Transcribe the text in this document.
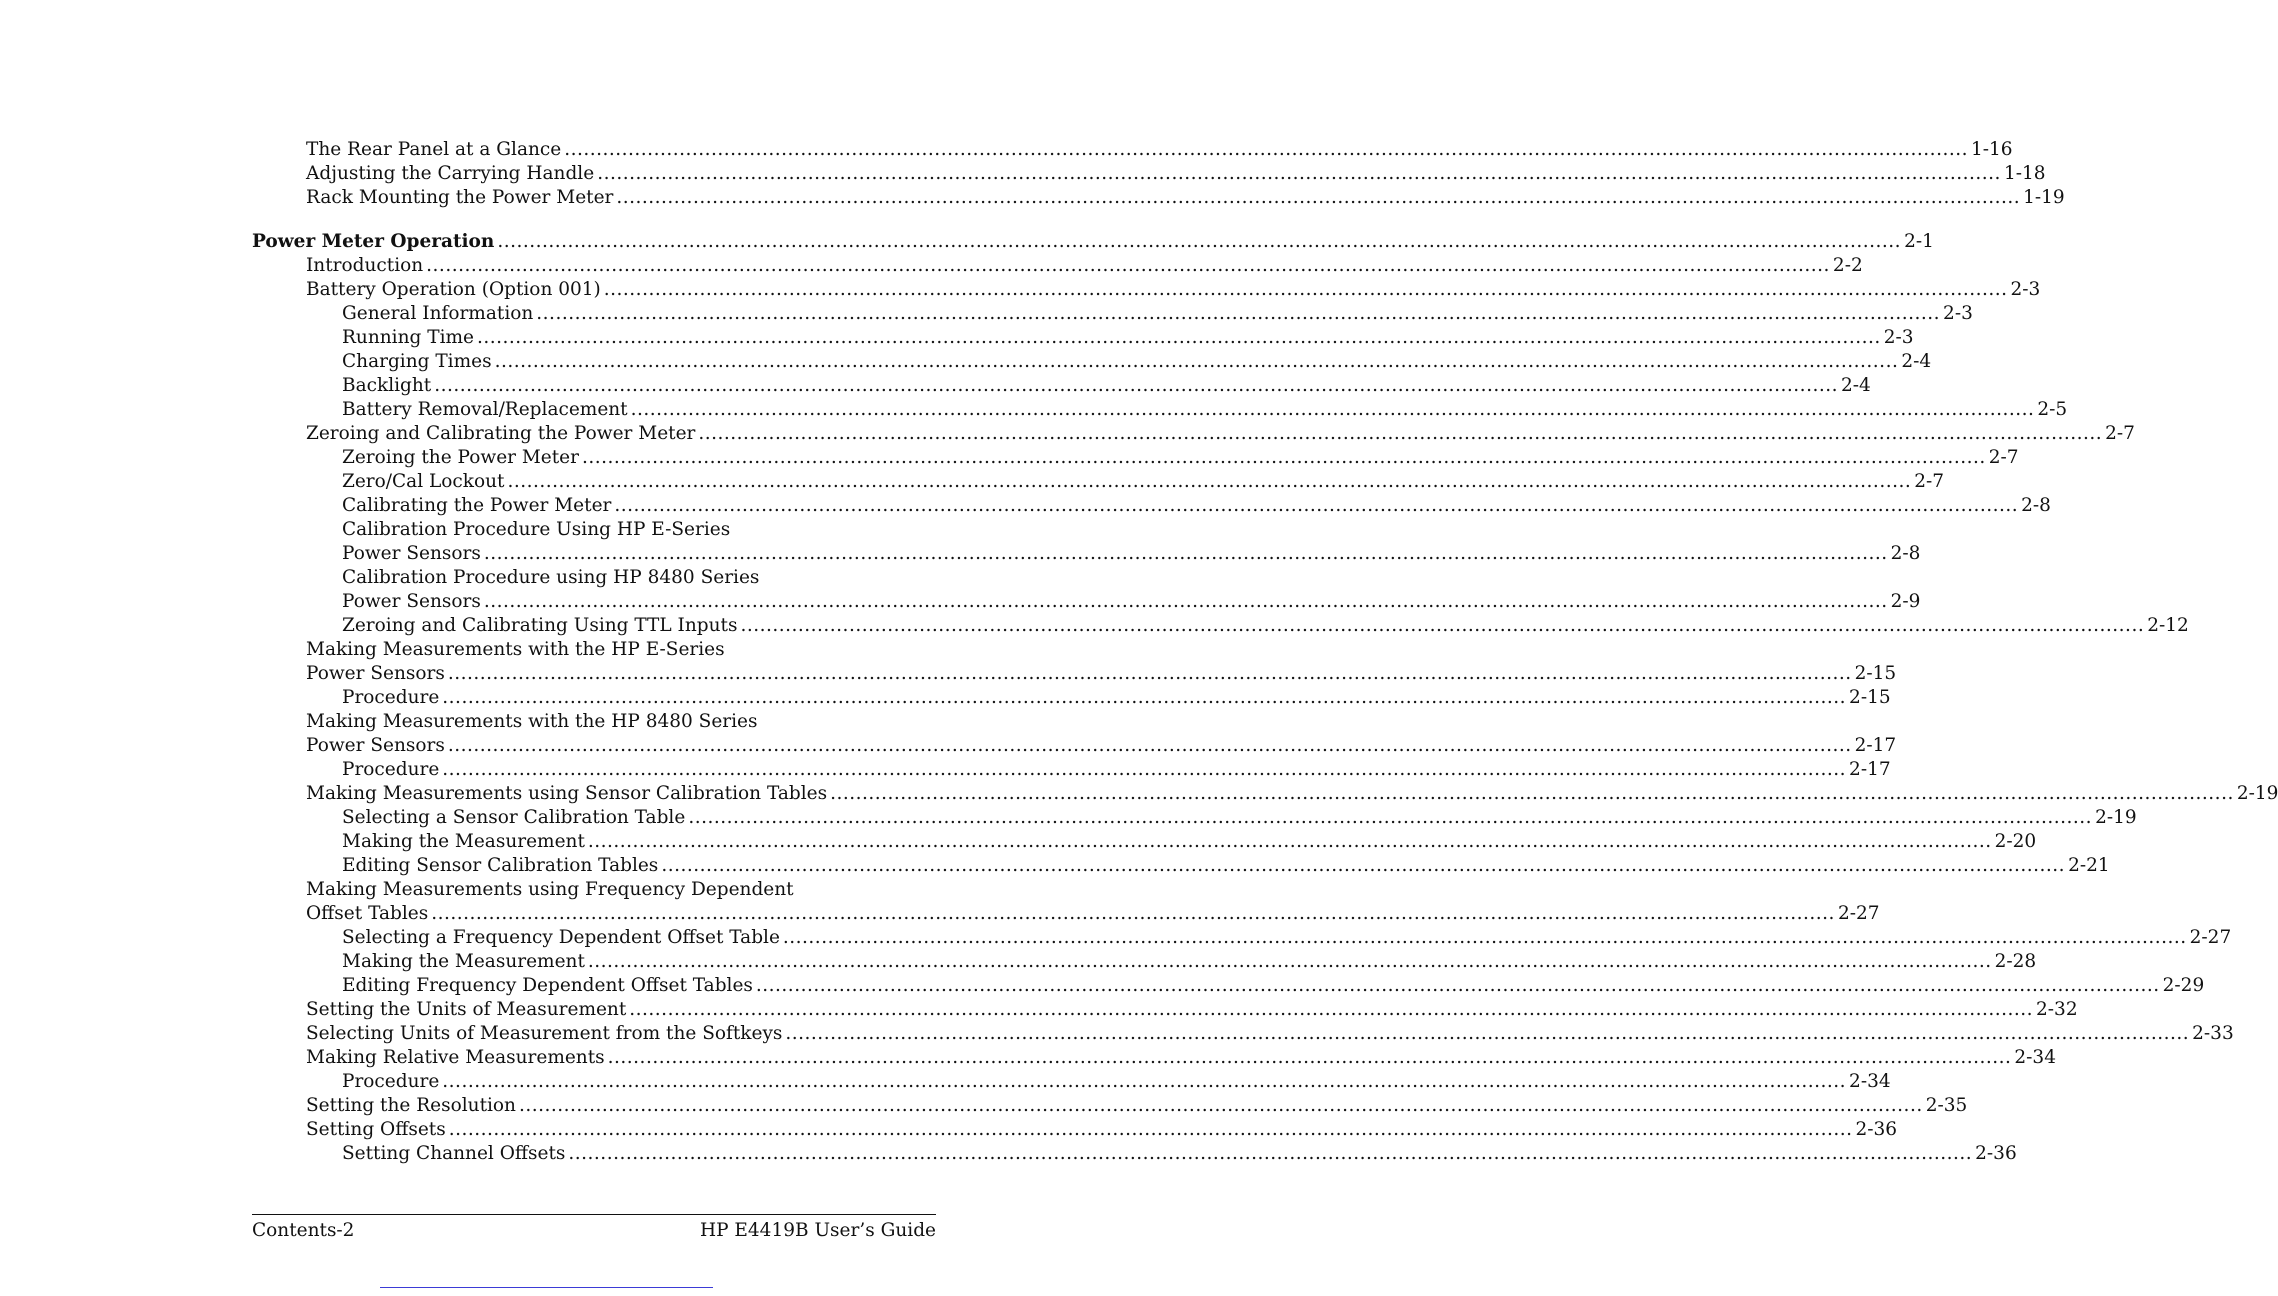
The Rear Panel at a Glance ............................................................................................................................................................................................................................ 1-16
Adjusting the Carrying Handle ............................................................................................................................................................................................................................ 1-18
Rack Mounting the Power Meter ............................................................................................................................................................................................................................ 1-19
Power Meter Operation ............................................................................................................................................................................................................................ 2-1
Introduction ............................................................................................................................................................................................................................ 2-2
Battery Operation (Option 001) ............................................................................................................................................................................................................................ 2-3
General Information ............................................................................................................................................................................................................................ 2-3
Running Time ............................................................................................................................................................................................................................ 2-3
Charging Times ............................................................................................................................................................................................................................ 2-4
Backlight ............................................................................................................................................................................................................................ 2-4
Battery Removal/Replacement ............................................................................................................................................................................................................................ 2-5
Zeroing and Calibrating the Power Meter ............................................................................................................................................................................................................................ 2-7
Zeroing the Power Meter ............................................................................................................................................................................................................................ 2-7
Zero/Cal Lockout ............................................................................................................................................................................................................................ 2-7
Calibrating the Power Meter ............................................................................................................................................................................................................................ 2-8
Calibration Procedure Using HP E-Series
Power Sensors ............................................................................................................................................................................................................................ 2-8
Calibration Procedure using HP 8480 Series
Power Sensors ............................................................................................................................................................................................................................ 2-9
Zeroing and Calibrating Using TTL Inputs ............................................................................................................................................................................................................................ 2-12
Making Measurements with the HP E-Series
Power Sensors ............................................................................................................................................................................................................................ 2-15
Procedure ............................................................................................................................................................................................................................ 2-15
Making Measurements with the HP 8480 Series
Power Sensors ............................................................................................................................................................................................................................ 2-17
Procedure ............................................................................................................................................................................................................................ 2-17
Making Measurements using Sensor Calibration Tables ............................................................................................................................................................................................................................ 2-19
Selecting a Sensor Calibration Table ............................................................................................................................................................................................................................ 2-19
Making the Measurement ............................................................................................................................................................................................................................ 2-20
Editing Sensor Calibration Tables ............................................................................................................................................................................................................................ 2-21
Making Measurements using Frequency Dependent
Offset Tables ............................................................................................................................................................................................................................ 2-27
Selecting a Frequency Dependent Offset Table ............................................................................................................................................................................................................................ 2-27
Making the Measurement ............................................................................................................................................................................................................................ 2-28
Editing Frequency Dependent Offset Tables ............................................................................................................................................................................................................................ 2-29
Setting the Units of Measurement ............................................................................................................................................................................................................................ 2-32
Selecting Units of Measurement from the Softkeys ............................................................................................................................................................................................................................ 2-33
Making Relative Measurements ............................................................................................................................................................................................................................ 2-34
Procedure ............................................................................................................................................................................................................................ 2-34
Setting the Resolution ............................................................................................................................................................................................................................ 2-35
Setting Offsets ............................................................................................................................................................................................................................ 2-36
Setting Channel Offsets ............................................................................................................................................................................................................................ 2-36
Contents-2	HP E4419B User’s Guide
